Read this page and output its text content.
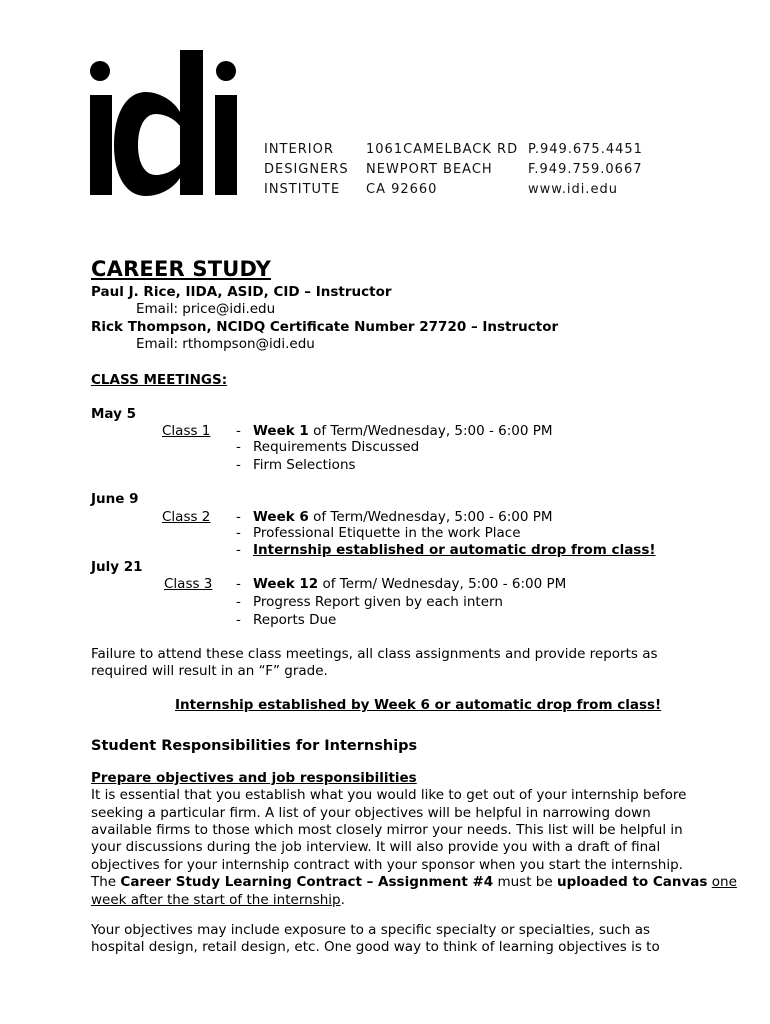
INTERIOR
DESIGNERS
INSTITUTE
1061CAMELBACK RD
NEWPORT BEACH
CA 92660
P.949.675.4451
F.949.759.0667
www.idi.edu
CAREER STUDY
Paul J. Rice, IIDA, ASID, CID – Instructor
Email: price@idi.edu
Rick Thompson, NCIDQ Certificate Number 27720 – Instructor
Email: rthompson@idi.edu
CLASS MEETINGS:
May 5
Class 1 - Week 1 of Term/Wednesday, 5:00 - 6:00 PM
- Requirements Discussed
- Firm Selections
June 9
Class 2 - Week 6 of Term/Wednesday, 5:00 - 6:00 PM
- Professional Etiquette in the work Place
- Internship established or automatic drop from class!
July 21
Class 3 - Week 12 of Term/ Wednesday, 5:00 - 6:00 PM
- Progress Report given by each intern
- Reports Due
Failure to attend these class meetings, all class assignments and provide reports as
required will result in an “F” grade.
Internship established by Week 6 or automatic drop from class!
Student Responsibilities for Internships
Prepare objectives and job responsibilities
It is essential that you establish what you would like to get out of your internship before
seeking a particular firm. A list of your objectives will be helpful in narrowing down
available firms to those which most closely mirror your needs. This list will be helpful in
your discussions during the job interview. It will also provide you with a draft of final
objectives for your internship contract with your sponsor when you start the internship.
The Career Study Learning Contract – Assignment #4 must be uploaded to Canvas one
week after the start of the internship.
Your objectives may include exposure to a specific specialty or specialties, such as
hospital design, retail design, etc. One good way to think of learning objectives is to
